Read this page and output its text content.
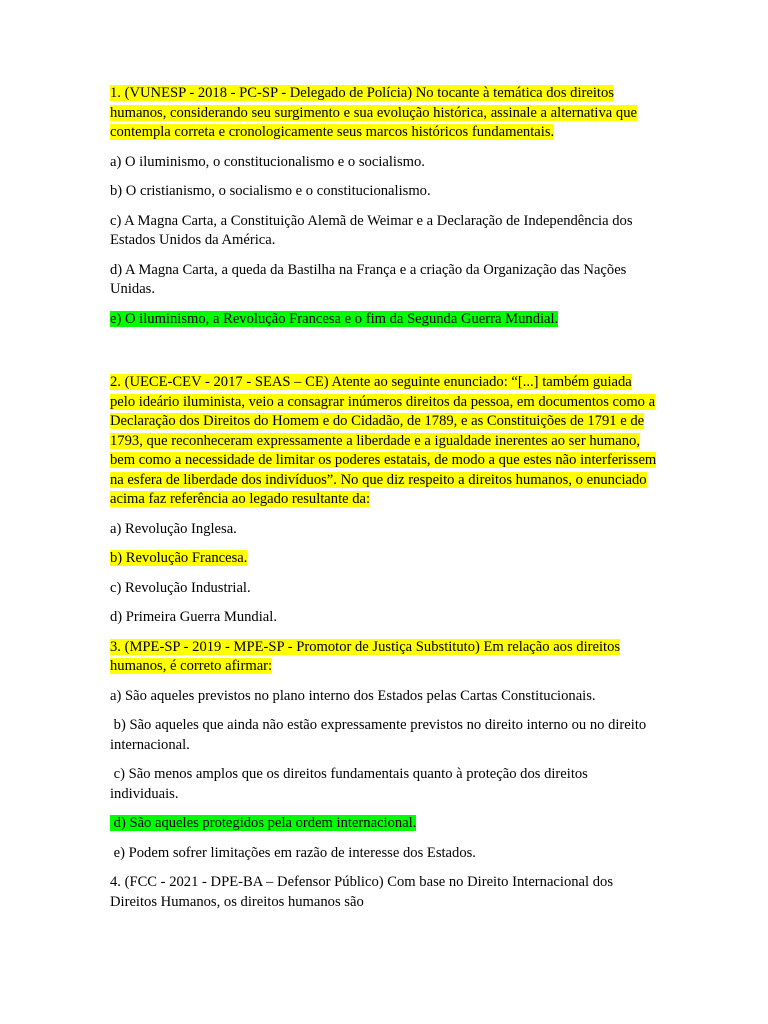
1. (VUNESP - 2018 - PC-SP - Delegado de Polícia) No tocante à temática dos direitos humanos, considerando seu surgimento e sua evolução histórica, assinale a alternativa que contempla correta e cronologicamente seus marcos históricos fundamentais.

a) O iluminismo, o constitucionalismo e o socialismo.

b) O cristianismo, o socialismo e o constitucionalismo.

c) A Magna Carta, a Constituição Alemã de Weimar e a Declaração de Independência dos Estados Unidos da América.

d) A Magna Carta, a queda da Bastilha na França e a criação da Organização das Nações Unidas.

e) O iluminismo, a Revolução Francesa e o fim da Segunda Guerra Mundial.

2. (UECE-CEV - 2017 - SEAS – CE) Atente ao seguinte enunciado: “[...] também guiada pelo ideário iluminista, veio a consagrar inúmeros direitos da pessoa, em documentos como a Declaração dos Direitos do Homem e do Cidadão, de 1789, e as Constituições de 1791 e de 1793, que reconheceram expressamente a liberdade e a igualdade inerentes ao ser humano, bem como a necessidade de limitar os poderes estatais, de modo a que estes não interferissem na esfera de liberdade dos indivíduos”. No que diz respeito a direitos humanos, o enunciado acima faz referência ao legado resultante da:

a) Revolução Inglesa.

b) Revolução Francesa.

c) Revolução Industrial.

d) Primeira Guerra Mundial.

3. (MPE-SP - 2019 - MPE-SP - Promotor de Justiça Substituto) Em relação aos direitos humanos, é correto afirmar:

a) São aqueles previstos no plano interno dos Estados pelas Cartas Constitucionais.

b) São aqueles que ainda não estão expressamente previstos no direito interno ou no direito internacional.

c) São menos amplos que os direitos fundamentais quanto à proteção dos direitos individuais.

d) São aqueles protegidos pela ordem internacional.

e) Podem sofrer limitações em razão de interesse dos Estados.

4. (FCC - 2021 - DPE-BA – Defensor Público) Com base no Direito Internacional dos Direitos Humanos, os direitos humanos são
